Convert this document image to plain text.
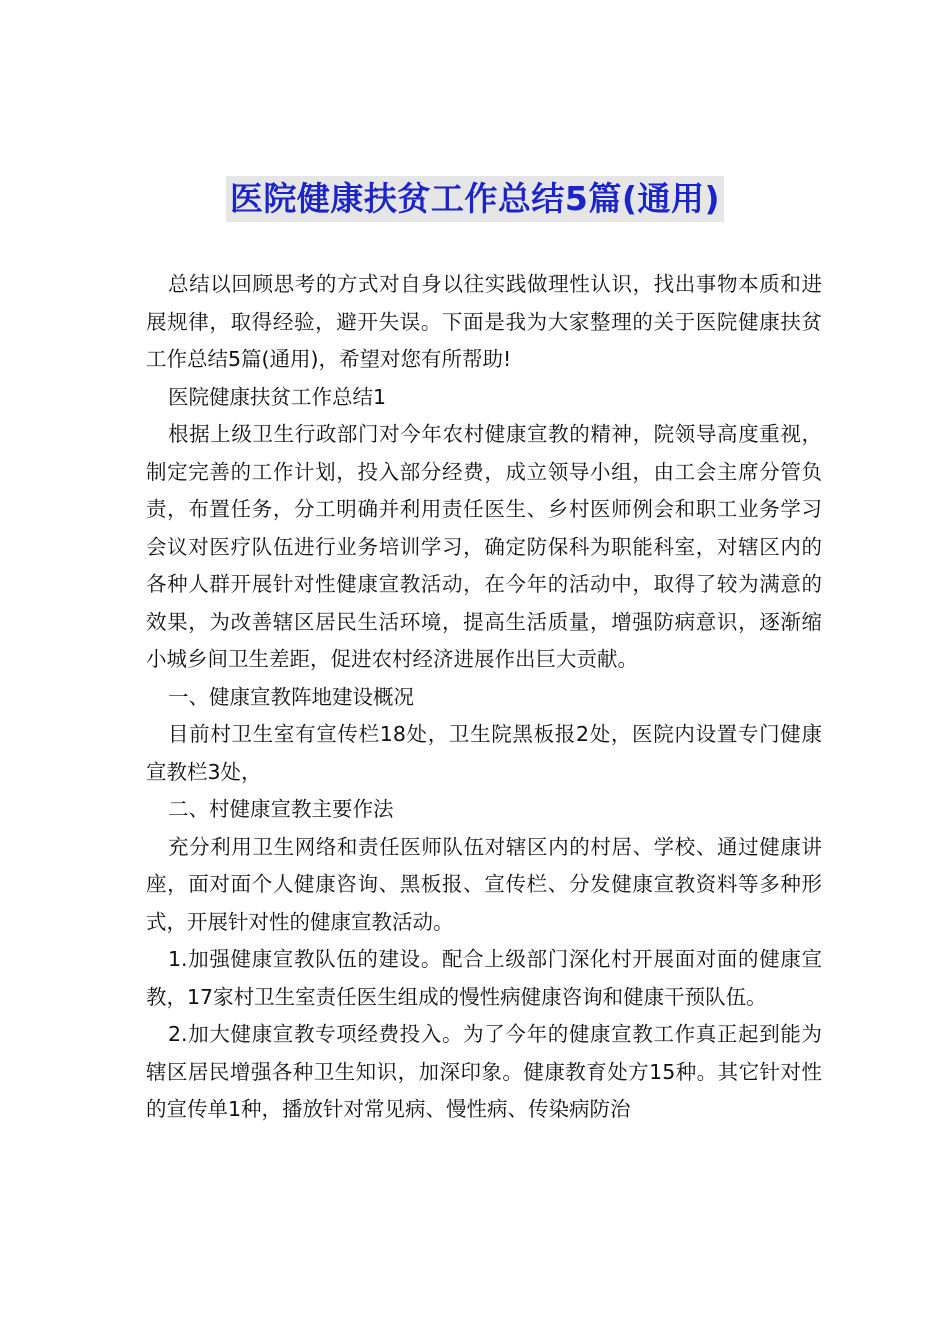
医院健康扶贫工作总结5篇(通用)

总结以回顾思考的方式对自身以往实践做理性认识，找出事物本质和进展规律，取得经验，避开失误。下面是我为大家整理的关于医院健康扶贫工作总结5篇(通用)，希望对您有所帮助!

医院健康扶贫工作总结1

根据上级卫生行政部门对今年农村健康宣教的精神，院领导高度重视，制定完善的工作计划，投入部分经费，成立领导小组，由工会主席分管负责，布置任务，分工明确并利用责任医生、乡村医师例会和职工业务学习会议对医疗队伍进行业务培训学习，确定防保科为职能科室，对辖区内的各种人群开展针对性健康宣教活动，在今年的活动中，取得了较为满意的效果，为改善辖区居民生活环境，提高生活质量，增强防病意识，逐渐缩小城乡间卫生差距，促进农村经济进展作出巨大贡献。

一、健康宣教阵地建设概况

目前村卫生室有宣传栏18处，卫生院黑板报2处，医院内设置专门健康宣教栏3处，

二、村健康宣教主要作法

充分利用卫生网络和责任医师队伍对辖区内的村居、学校、通过健康讲座，面对面个人健康咨询、黑板报、宣传栏、分发健康宣教资料等多种形式，开展针对性的健康宣教活动。

1.加强健康宣教队伍的建设。配合上级部门深化村开展面对面的健康宣教，17家村卫生室责任医生组成的慢性病健康咨询和健康干预队伍。

2.加大健康宣教专项经费投入。为了今年的健康宣教工作真正起到能为辖区居民增强各种卫生知识，加深印象。健康教育处方15种。其它针对性的宣传单1种，播放针对常见病、慢性病、传染病防治
